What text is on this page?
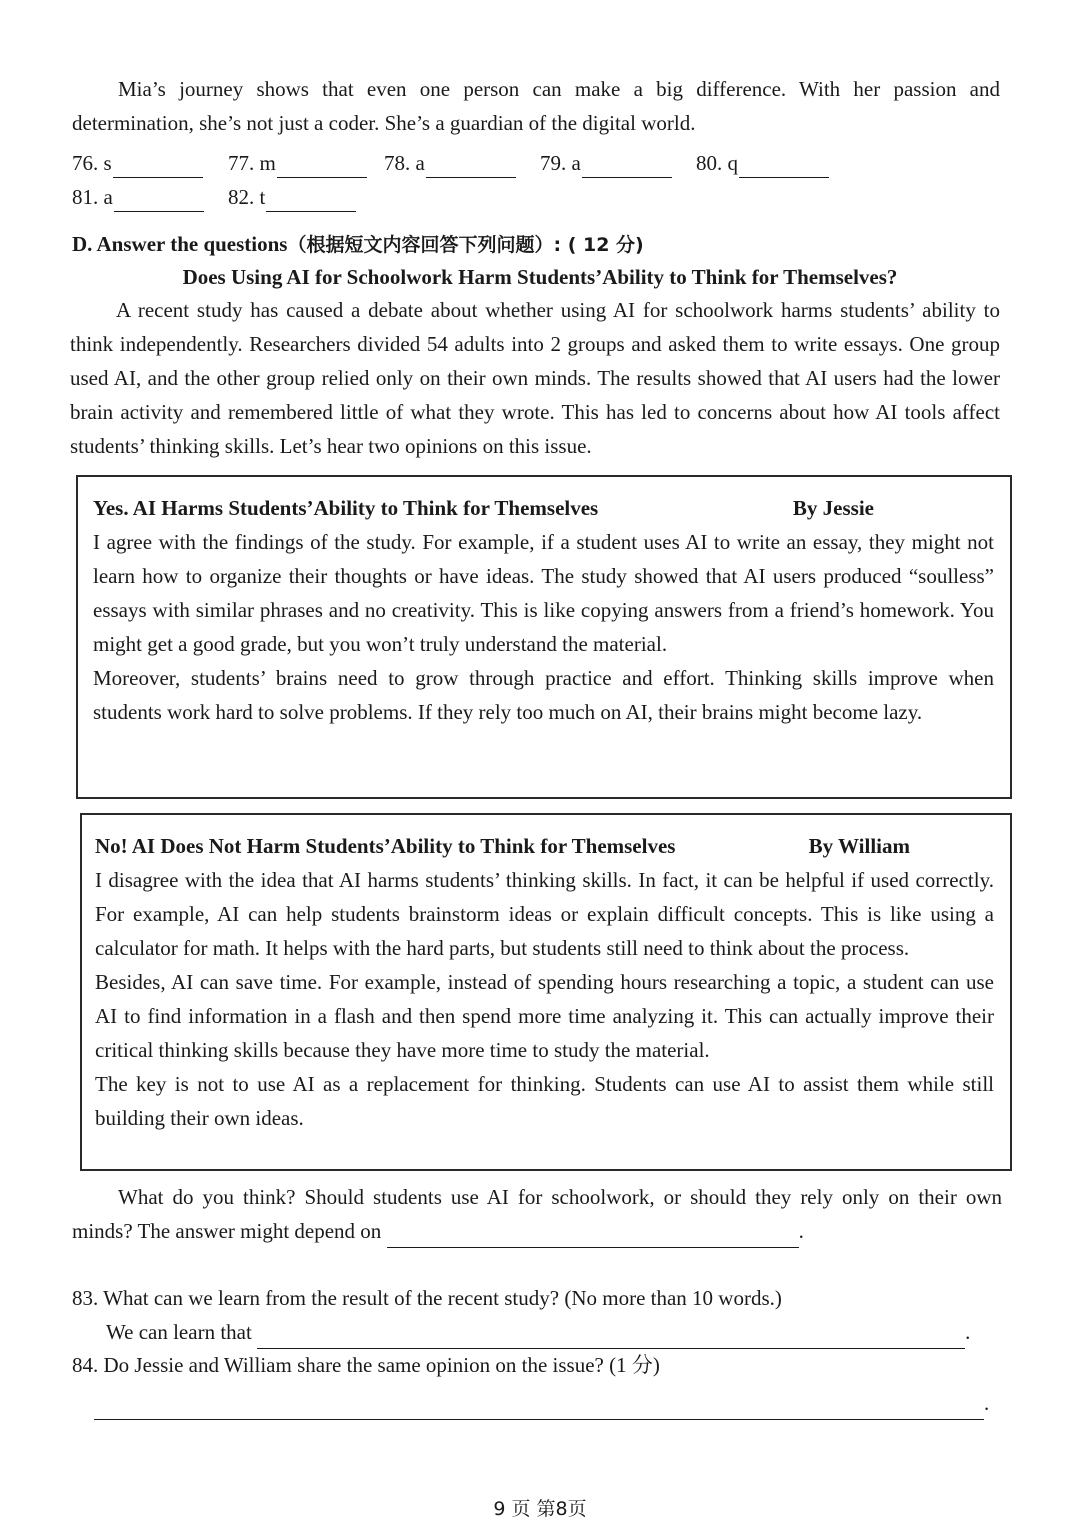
Mia’s journey shows that even one person can make a big difference. With her passion and determination, she’s not just a coder. She’s a guardian of the digital world.

76. s	77. m	78. a	79. a	80. q
81. a	82. t
D. Answer the questions（根据短文内容回答下列问题）: ( 12 分)
Does Using AI for Schoolwork Harm Students’Ability to Think for Themselves?

A recent study has caused a debate about whether using AI for schoolwork harms students’ ability to think independently. Researchers divided 54 adults into 2 groups and asked them to write essays. One group used AI, and the other group relied only on their own minds. The results showed that AI users had the lower brain activity and remembered little of what they wrote. This has led to concerns about how AI tools affect students’ thinking skills. Let’s hear two opinions on this issue.

Yes. AI Harms Students’Ability to Think for Themselves	By Jessie

I agree with the findings of the study. For example, if a student uses AI to write an essay, they might not learn how to organize their thoughts or have ideas. The study showed that AI users produced “soulless” essays with similar phrases and no creativity. This is like copying answers from a friend’s homework. You might get a good grade, but you won’t truly understand the material.

Moreover, students’ brains need to grow through practice and effort. Thinking skills improve when students work hard to solve problems. If they rely too much on AI, their brains might become lazy.

No! AI Does Not Harm Students’Ability to Think for Themselves	By William

I disagree with the idea that AI harms students’ thinking skills. In fact, it can be helpful if used correctly. For example, AI can help students brainstorm ideas or explain difficult concepts. This is like using a calculator for math. It helps with the hard parts, but students still need to think about the process.

Besides, AI can save time. For example, instead of spending hours researching a topic, a student can use AI to find information in a flash and then spend more time analyzing it. This can actually improve their critical thinking skills because they have more time to study the material.

The key is not to use AI as a replacement for thinking. Students can use AI to assist them while still building their own ideas.

What do you think? Should students use AI for schoolwork, or should they rely only on their own minds? The answer might depend on	.

83. What can we learn from the result of the recent study? (No more than 10 words.)

We can learn that	.

84. Do Jessie and William share the same opinion on the issue? (1 分)

.

9 页 第8页
